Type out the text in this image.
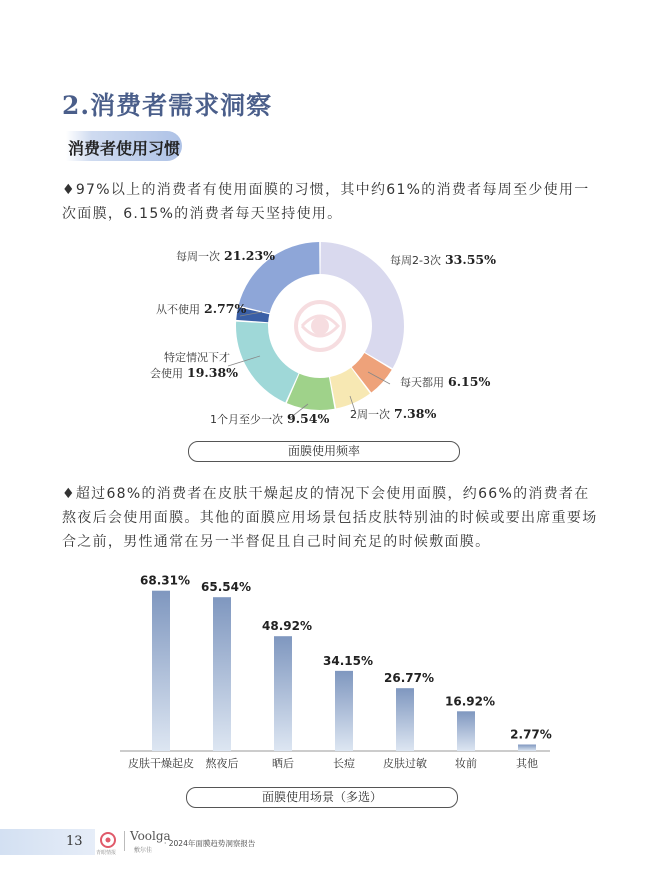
2.消费者需求洞察
消费者使用习惯
♦97%以上的消费者有使用面膜的习惯，其中约61%的消费者每周至少使用一次面膜，6.15%的消费者每天坚持使用。
每周2-3次 33.55%
每天都用 6.15%
2周一次 7.38%
1个月至少一次 9.54%
特定情况下才
会使用 19.38%
从不使用 2.77%
每周一次 21.23%
面膜使用频率
♦超过68%的消费者在皮肤干燥起皮的情况下会使用面膜，约66%的消费者在熬夜后会使用面膜。其他的面膜应用场景包括皮肤特别油的时候或要出席重要场合之前，男性通常在另一半督促且自己时间充足的时候敷面膜。
68.31%
皮肤干燥起皮
65.54%
熬夜后
48.92%
晒后
34.15%
长痘
26.77%
皮肤过敏
16.92%
妆前
2.77%
其他
面膜使用场景（多选）
13
青眼情报
Voolga
敷尔佳
· 2024年面膜趋势洞察报告
